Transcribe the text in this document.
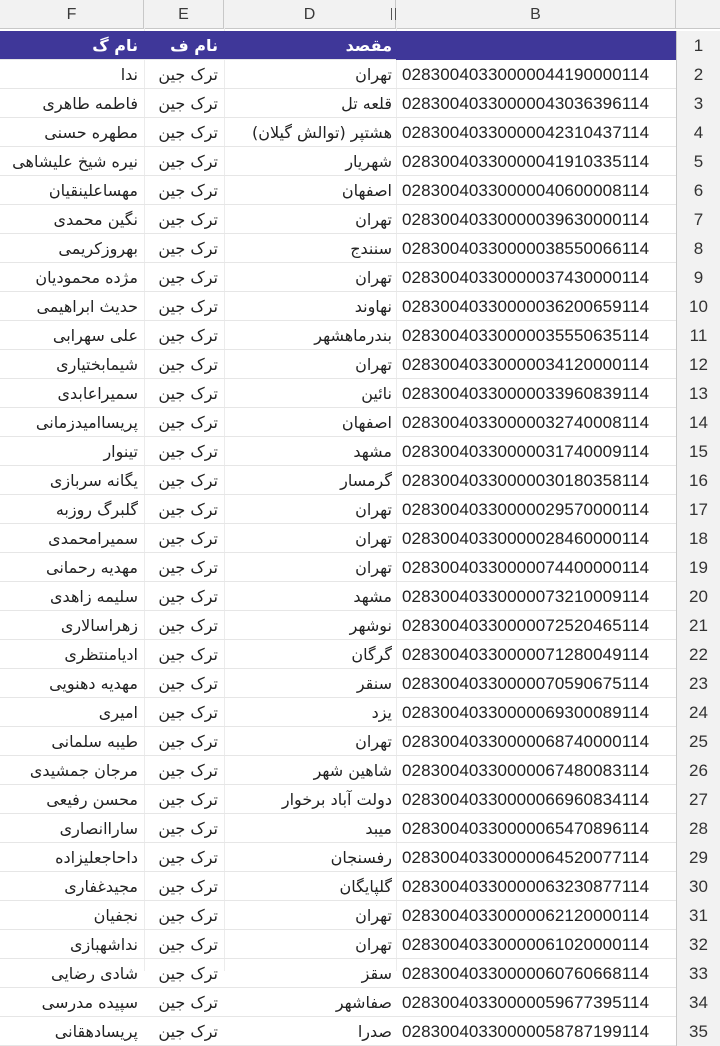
F	E	D	B
نام گ	نام ف	مقصد	1
ندا	ترک جین	تهران 02830040330000044190000114	2
فاطمه طاهری	ترک جین	قلعه تل 02830040330000043036396114	3
مطهره حسنی	ترک جین	هشتپر (توالش گیلان) 02830040330000042310437114	4
نیره شیخ علیشاهی	ترک جین	شهریار 02830040330000041910335114	5
مهساعلینقیان	ترک جین	اصفهان 02830040330000040600008114	6
نگین محمدی	ترک جین	تهران 02830040330000039630000114	7
بهروزکریمی	ترک جین	سنندج 02830040330000038550066114	8
مژده محمودیان	ترک جین	تهران 02830040330000037430000114	9
حدیث ابراهیمی	ترک جین	نهاوند 02830040330000036200659114	10
علی سهرابی	ترک جین	بندرماهشهر 02830040330000035550635114	11
شیمابختیاری	ترک جین	تهران 02830040330000034120000114	12
سمیراعابدی	ترک جین	نائین 02830040330000033960839114	13
پریساامیدزمانی	ترک جین	اصفهان 02830040330000032740008114	14
تینوار	ترک جین	مشهد 02830040330000031740009114	15
یگانه سربازی	ترک جین	گرمسار 02830040330000030180358114	16
گلبرگ روزبه	ترک جین	تهران 02830040330000029570000114	17
سمیرامحمدی	ترک جین	تهران 02830040330000028460000114	18
مهدیه رحمانی	ترک جین	تهران 02830040330000074400000114	19
سلیمه زاهدی	ترک جین	مشهد 02830040330000073210009114	20
زهراسالاری	ترک جین	نوشهر 02830040330000072520465114	21
ادیامنتظری	ترک جین	گرگان 02830040330000071280049114	22
مهدیه دهنویی	ترک جین	سنقر 02830040330000070590675114	23
امیری	ترک جین	یزد 02830040330000069300089114	24
طیبه سلمانی	ترک جین	تهران 02830040330000068740000114	25
مرجان جمشیدی	ترک جین	شاهین شهر 02830040330000067480083114	26
محسن رفیعی	ترک جین	دولت آباد برخوار 02830040330000066960834114	27
ساراانصاری	ترک جین	میبد 02830040330000065470896114	28
داحاجعلیزاده	ترک جین	رفسنجان 02830040330000064520077114	29
مجیدغفاری	ترک جین	گلپایگان 02830040330000063230877114	30
نجفیان	ترک جین	تهران 02830040330000062120000114	31
نداشهبازی	ترک جین	تهران 02830040330000061020000114	32
شادی رضایی	ترک جین	سقز 02830040330000060760668114	33
سپیده مدرسی	ترک جین	صفاشهر 02830040330000059677395114	34
پریسادهقانی	ترک جین	صدرا 02830040330000058787199114	35
